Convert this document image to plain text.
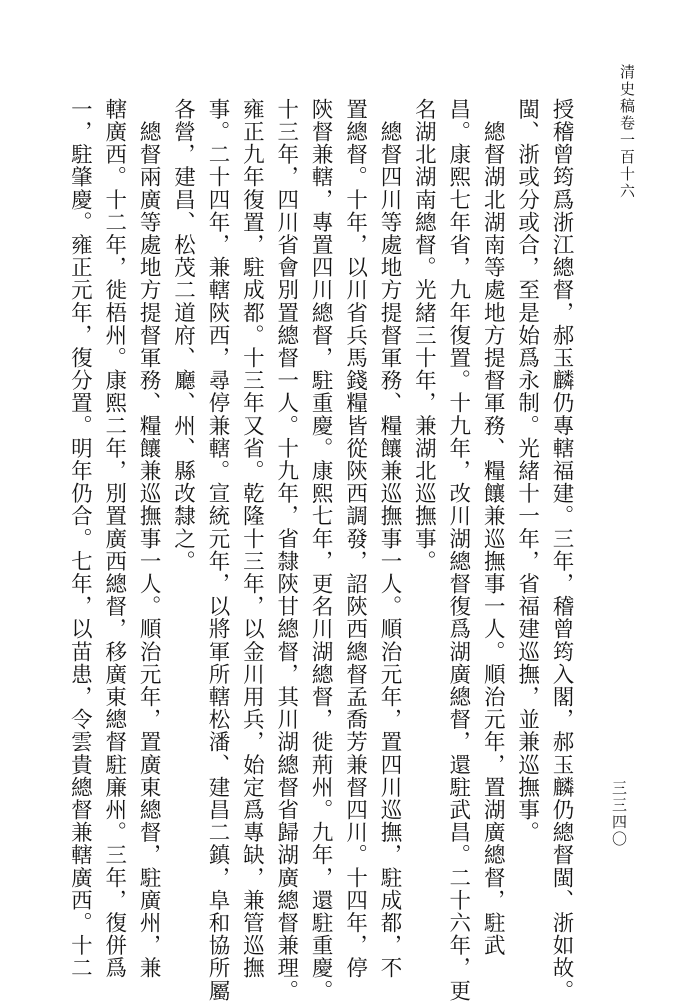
清史稿卷一百十六
三三四〇
授稽曾筠爲浙江總督，郝玉麟仍專轄福建。三年，稽曾筠入閣，郝玉麟仍總督閩、浙如故。
閩、浙或分或合，至是始爲永制。光緒十一年，省福建巡撫，並兼巡撫事。
　總督湖北湖南等處地方提督軍務、糧饟兼巡撫事一人。順治元年，置湖廣總督，駐武
昌。康熙七年省，九年復置。十九年，改川湖總督復爲湖廣總督，還駐武昌。二十六年，更
名湖北湖南總督。光緒三十年，兼湖北巡撫事。
　總督四川等處地方提督軍務、糧饟兼巡撫事一人。順治元年，置四川巡撫，駐成都，不
置總督。十年，以川省兵馬錢糧皆從陝西調發，詔陝西總督孟喬芳兼督四川。十四年，停
陝督兼轄，專置四川總督，駐重慶。康熙七年，更名川湖總督，徙荊州。九年，還駐重慶。
十三年，四川省會別置總督一人。十九年，省隸陝甘總督，其川湖總督省歸湖廣總督兼理。
雍正九年復置，駐成都。十三年又省。乾隆十三年，以金川用兵，始定爲專缺，兼管巡撫
事。二十四年，兼轄陝西，尋停兼轄。宣統元年，以將軍所轄松潘、建昌二鎮，阜和協所屬
各營，建昌、松茂二道府、廳、州、縣改隸之。
　總督兩廣等處地方提督軍務、糧饟兼巡撫事一人。順治元年，置廣東總督，駐廣州，兼
轄廣西。十二年，徙梧州。康熙二年，別置廣西總督，移廣東總督駐廉州。三年，復併爲
一，駐肇慶。雍正元年，復分置。明年仍合。七年，以苗患，令雲貴總督兼轄廣西。十二
